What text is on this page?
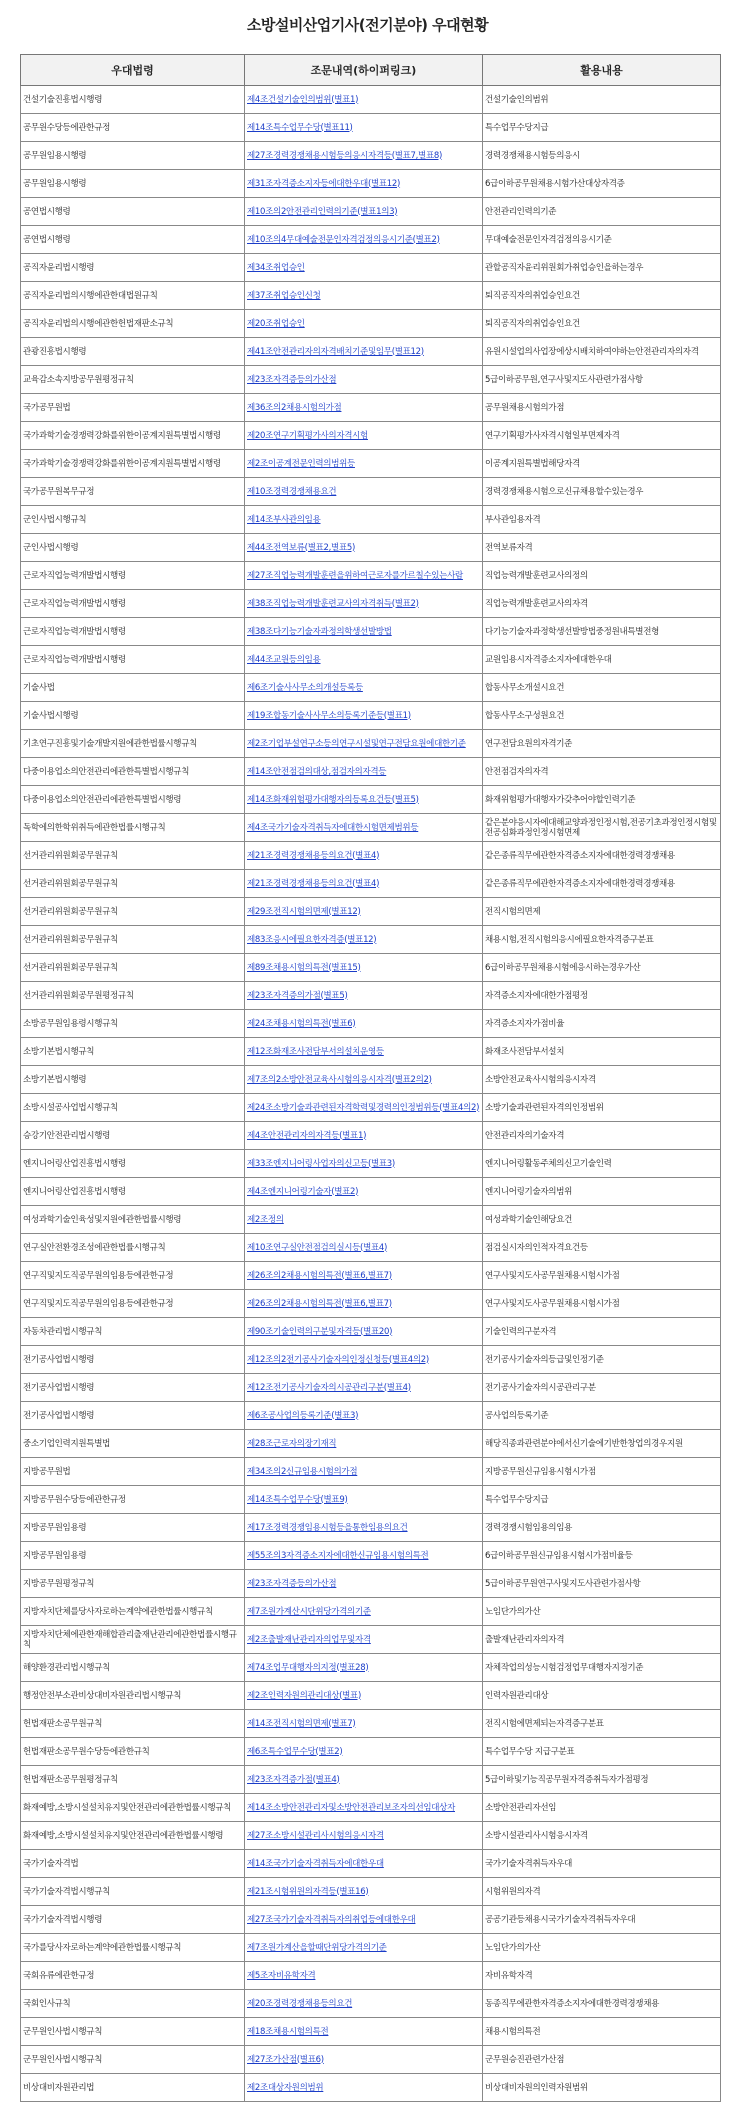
소방설비산업기사(전기분야) 우대현황
우대법령	조문내역(하이퍼링크)	활용내용
건설기술진흥법시행령	제4조건설기술인의범위(별표1)	건설기술인의범위
공무원수당등에관한규정	제14조특수업무수당(별표11)	특수업무수당지급
공무원임용시행령	제27조경력경쟁채용시험등의응시자격등(별표7,별표8)	경력경쟁채용시험등의응시
공무원임용시행령	제31조자격증소지자등에대한우대(별표12)	6급이하공무원채용시험가산대상자격증
공연법시행령	제10조의2안전관리인력의기준(별표1의3)	안전관리인력의기준
공연법시행령	제10조의4무대예술전문인자격검정의응시기준(별표2)	무대예술전문인자격검정의응시기준
공직자윤리법시행령	제34조취업승인	관할공직자윤리위원회가취업승인을하는경우
공직자윤리법의시행에관한대법원규칙	제37조취업승인신청	퇴직공직자의취업승인요건
공직자윤리법의시행에관한헌법재판소규칙	제20조취업승인	퇴직공직자의취업승인요건
관광진흥법시행령	제41조안전관리자의자격배치기준및임무(별표12)	유원시설업의사업장에상시배치하여야하는안전관리자의자격
교육감소속지방공무원평정규칙	제23조자격증등의가산점	5급이하공무원,연구사및지도사관련가점사항
국가공무원법	제36조의2채용시험의가점	공무원채용시험의가점
국가과학기술경쟁력강화를위한이공계지원특별법시행령	제20조연구기획평가사의자격시험	연구기획평가사자격시험일부면제자격
국가과학기술경쟁력강화를위한이공계지원특별법시행령	제2조이공계전문인력의범위등	이공계지원특별법해당자격
국가공무원복무규정	제10조경력경쟁채용요건	경력경쟁채용시험으로신규채용할수있는경우
군인사법시행규칙	제14조부사관의임용	부사관임용자격
군인사법시행령	제44조전역보류(별표2,별표5)	전역보류자격
근로자직업능력개발법시행령	제27조직업능력개발훈련을위하여근로자를가르칠수있는사람	직업능력개발훈련교사의정의
근로자직업능력개발법시행령	제38조직업능력개발훈련교사의자격취득(별표2)	직업능력개발훈련교사의자격
근로자직업능력개발법시행령	제38조다기능기술자과정의학생선발방법	다기능기술자과정학생선발방법중정원내특별전형
근로자직업능력개발법시행령	제44조교원등의임용	교원임용시자격증소지자에대한우대
기술사법	제6조기술사사무소의개설등록등	합동사무소개설시요건
기술사법시행령	제19조합동기술사사무소의등록기준등(별표1)	합동사무소구성원요건
기초연구진흥및기술개발지원에관한법률시행규칙	제2조기업부설연구소등의연구시설및연구전담요원에대한기준	연구전담요원의자격기준
다중이용업소의안전관리에관한특별법시행규칙	제14조안전점검의대상,점검자의자격등	안전점검자의자격
다중이용업소의안전관리에관한특별법시행령	제14조화재위험평가대행자의등록요건등(별표5)	화재위험평가대행자가갖추어야할인력기준
독학에의한학위취득에관한법률시행규칙	제4조국가기술자격취득자에대한시험면제범위등	같은분야응시자에대해교양과정인정시험,전공기초과정인정시험및전공심화과정인정시험면제
선거관리위원회공무원규칙	제21조경력경쟁채용등의요건(별표4)	같은종류직무에관한자격증소지자에대한경력경쟁채용
선거관리위원회공무원규칙	제21조경력경쟁채용등의요건(별표4)	같은종류직무에관한자격증소지자에대한경력경쟁채용
선거관리위원회공무원규칙	제29조전직시험의면제(별표12)	전직시험의면제
선거관리위원회공무원규칙	제83조응시에필요한자격증(별표12)	채용시험,전직시험의응시에필요한자격증구분표
선거관리위원회공무원규칙	제89조채용시험의특전(별표15)	6급이하공무원채용시험에응시하는경우가산
선거관리위원회공무원평정규칙	제23조자격증의가점(별표5)	자격증소지자에대한가점평정
소방공무원임용령시행규칙	제24조채용시험의특전(별표6)	자격증소지자가점비율
소방기본법시행규칙	제12조화재조사전담부서의설치운영등	화재조사전담부서설치
소방기본법시행령	제7조의2소방안전교육사시험의응시자격(별표2의2)	소방안전교육사시험의응시자격
소방시설공사업법시행규칙	제24조소방기술과관련된자격학력및경력의인정범위등(별표4의2)	소방기술과관련된자격의인정범위
승강기안전관리법시행령	제4조안전관리자의자격등(별표1)	안전관리자의기술자격
엔지니어링산업진흥법시행령	제33조엔지니어링사업자의신고등(별표3)	엔지니어링활동주체의신고기술인력
엔지니어링산업진흥법시행령	제4조엔지니어링기술자(별표2)	엔지니어링기술자의범위
여성과학기술인육성및지원에관한법률시행령	제2조정의	여성과학기술인해당요건
연구실안전환경조성에관한법률시행규칙	제10조연구실안전점검의실시등(별표4)	점검실시자의인적자격요건등
연구직및지도직공무원의임용등에관한규정	제26조의2채용시험의특전(별표6,별표7)	연구사및지도사공무원채용시험시가점
연구직및지도직공무원의임용등에관한규정	제26조의2채용시험의특전(별표6,별표7)	연구사및지도사공무원채용시험시가점
자동차관리법시행규칙	제90조기술인력의구분및자격등(별표20)	기술인력의구분자격
전기공사업법시행령	제12조의2전기공사기술자의인정신청등(별표4의2)	전기공사기술자의등급및인정기준
전기공사업법시행령	제12조전기공사기술자의시공관리구분(별표4)	전기공사기술자의시공관리구분
전기공사업법시행령	제6조공사업의등록기준(별표3)	공사업의등록기준
중소기업인력지원특별법	제28조근로자의장기재직	해당직종과관련분야에서신기술에기반한창업의경우지원
지방공무원법	제34조의2신규임용시험의가점	지방공무원신규임용시험시가점
지방공무원수당등에관한규정	제14조특수업무수당(별표9)	특수업무수당지급
지방공무원임용령	제17조경력경쟁임용시험등을통한임용의요건	경력경쟁시험임용의임용
지방공무원임용령	제55조의3자격증소지자에대한신규임용시험의특전	6급이하공무원신규임용시험시가점비율등
지방공무원평정규칙	제23조자격증등의가산점	5급이하공무원연구사및지도사관련가점사항
지방자치단체를당사자로하는계약에관한법률시행규칙	제7조원가계산시단위당가격의기준	노임단가의가산
지방자치단체에관한재해합관리출재난관리에관한법률시행규칙	제2조출발재난관리자의업무및자격	출발재난관리자의자격
해양환경관리법시행규칙	제74조업무대행자의지정(별표28)	자체작업의성능시험검정업무대행자지정기준
행정안전부소관비상대비자원관리법시행규칙	제2조인력자원의관리대상(별표)	인력자원관리대상
헌법재판소공무원규칙	제14조전직시험의면제(별표7)	전직시험에면제되는자격증구분표
헌법재판소공무원수당등에관한규칙	제6조특수업무수당(별표2)	특수업무수당 지급구분표
헌법재판소공무원평정규칙	제23조자격증가점(별표4)	5급이하및기능직공무원자격증취득자가점평정
화재예방,소방시설설치유지및안전관리에관한법률시행규칙	제14조소방안전관리자및소방안전관리보조자의선임대상자	소방안전관리자선임
화재예방,소방시설설치유지및안전관리에관한법률시행령	제27조소방시설관리사시험의응시자격	소방시설관리사시험응시자격
국가기술자격법	제14조국가기술자격취득자에대한우대	국가기술자격취득자우대
국가기술자격법시행규칙	제21조시험위원의자격등(별표16)	시험위원의자격
국가기술자격법시행령	제27조국가기술자격취득자의취업등에대한우대	공공기관등채용시국가기술자격취득자우대
국가를당사자로하는계약에관한법률시행규칙	제7조원가계산을할때단위당가격의기준	노임단가의가산
국회유류에관한규정	제5조자비유학자격	자비유학자격
국회인사규칙	제20조경력경쟁채용등의요건	동종직무에관한자격증소지자에대한경력경쟁채용
군무원인사법시행규칙	제18조채용시험의특전	채용시험의특전
군무원인사법시행규칙	제27조가산점(별표6)	군무원승진관련가산점
비상대비자원관리법	제2조대상자원의범위	비상대비자원의인력자원범위
